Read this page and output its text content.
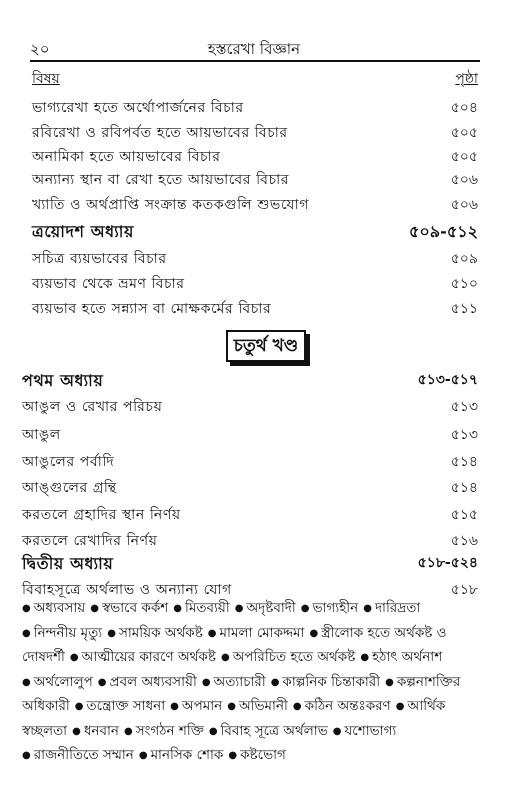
২০	হস্তরেখা বিজ্ঞান
বিষয়	পৃষ্ঠা
ভাগ্যরেখা হতে অর্থোপার্জনের বিচার	৫০৪
রবিরেখা ও রবিপর্বত হতে আয়ভাবের বিচার	৫০৫
অনামিকা হতে আয়ভাবের বিচার	৫০৫
অন্যান্য স্থান বা রেখা হতে আয়ভাবের বিচার	৫০৬
খ্যাতি ও অর্থপ্রাপ্তি সংক্রান্ত কতকগুলি শুভযোগ	৫০৬
ত্রয়োদশ অধ্যায়	৫০৯-৫১২
সচিত্র ব্যয়ভাবের বিচার	৫০৯
ব্যয়ভাব থেকে ভ্রমণ বিচার	৫১০
ব্যয়ভাব হতে সন্ন্যাস বা মোক্ষকর্মের বিচার	৫১১
পথম অধ্যায়	৫১৩-৫১৭
আঙুল ও রেখার পরিচয়	৫১৩
আঙুল	৫১৩
আঙুলের পর্বাদি	৫১৪
আঙ্গুলের গ্রন্থি	৫১৪
করতলে গ্রহাদির স্থান নির্ণয়	৫১৫
করতলে রেখাদির নির্ণয়	৫১৬
দ্বিতীয় অধ্যায়	৫১৮-৫২৪
বিবাহসূত্রে অর্থলাভ ও অন্যান্য যোগ	৫১৮
চতুর্থ খণ্ড
● অধ্যবসায় ● স্বভাবে কর্কশ ● মিতব্যয়ী ● অদৃষ্টবাদী ● ভাগ্যহীন ● দারিদ্রতা
● নিন্দনীয় মৃত্যু ● সাময়িক অর্থকষ্ট ● মামলা মোকদ্দমা ● স্ত্রীলোক হতে অর্থকষ্ট ও
দোষদর্শী ● আত্মীয়ের কারণে অর্থকষ্ট ● অপরিচিত হতে অর্থকষ্ট ● হঠাৎ অর্থনাশ
● অর্থলোলুপ ● প্রবল অধ্যবসায়ী ● অত্যাচারী ● কাল্পনিক চিন্তাকারী ● কল্পনাশক্তির
অধিকারী ● তন্ত্রোক্ত সাধনা ● অপমান ● অভিমানী ● কঠিন অন্তঃকরণ ● আর্থিক
স্বচ্ছলতা ● ধনবান ● সংগঠন শক্তি ● বিবাহ সূত্রে অর্থলাভ ● যশোভাগ্য
● রাজনীতিতে সম্মান ● মানসিক শোক ● কষ্টভোগ
